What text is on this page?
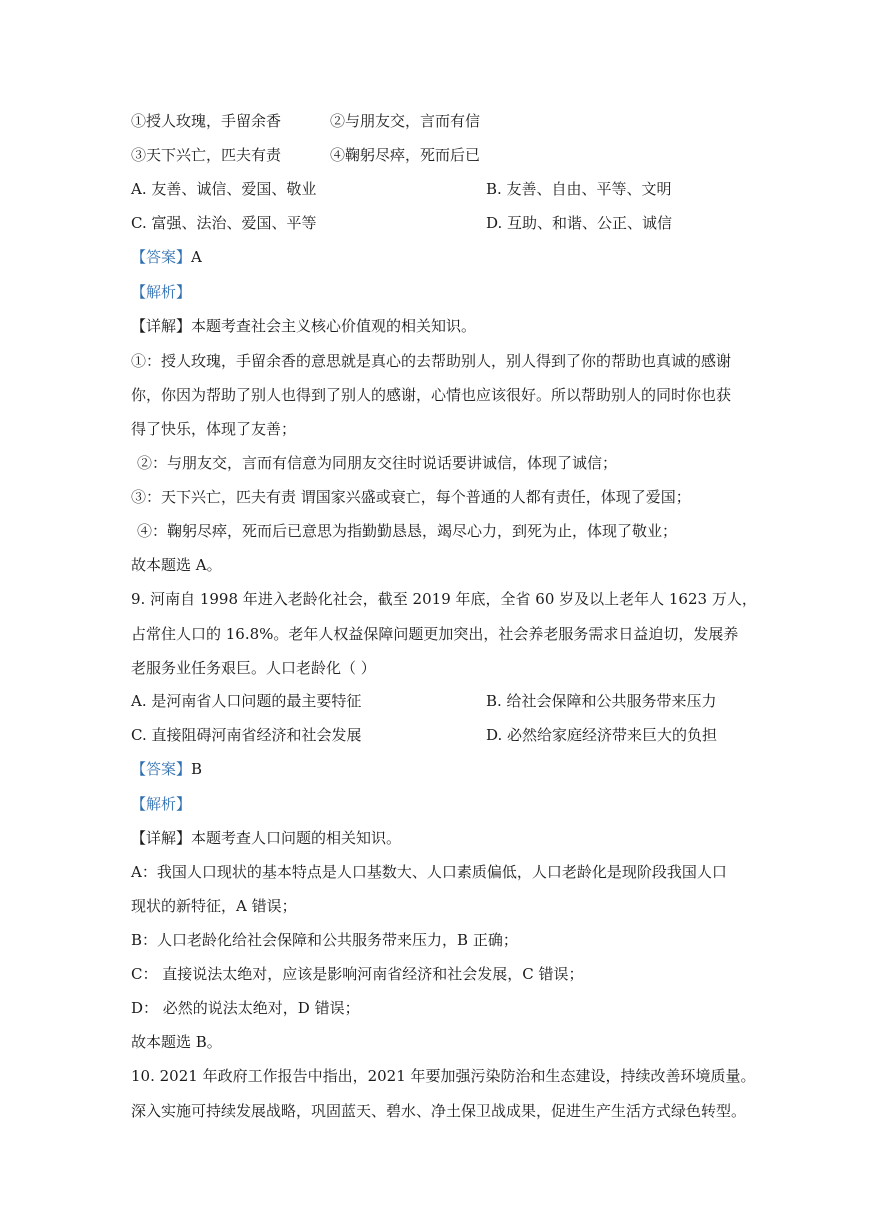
①授人玫瑰，手留余香	②与朋友交，言而有信
③天下兴亡，匹夫有责	④鞠躬尽瘁，死而后已
A. 友善、诚信、爱国、敬业	B. 友善、自由、平等、文明
C. 富强、法治、爱国、平等	D. 互助、和谐、公正、诚信
【答案】A
【解析】
【详解】本题考查社会主义核心价值观的相关知识。
①：授人玫瑰，手留余香的意思就是真心的去帮助别人，别人得到了你的帮助也真诚的感谢
你，你因为帮助了别人也得到了别人的感谢，心情也应该很好。所以帮助别人的同时你也获
得了快乐，体现了友善；
②：与朋友交，言而有信意为同朋友交往时说话要讲诚信，体现了诚信；
③：天下兴亡，匹夫有责 谓国家兴盛或衰亡，每个普通的人都有责任，体现了爱国；
④：鞠躬尽瘁，死而后已意思为指勤勤恳恳，竭尽心力，到死为止，体现了敬业；
故本题选 A。
9. 河南自 1998 年进入老龄化社会，截至 2019 年底，全省 60 岁及以上老年人 1623 万人，
占常住人口的 16.8%。老年人权益保障问题更加突出，社会养老服务需求日益迫切，发展养
老服务业任务艰巨。人口老龄化（ ）
A. 是河南省人口问题的最主要特征	B. 给社会保障和公共服务带来压力
C. 直接阻碍河南省经济和社会发展	D. 必然给家庭经济带来巨大的负担
【答案】B
【解析】
【详解】本题考查人口问题的相关知识。
A：我国人口现状的基本特点是人口基数大、人口素质偏低，人口老龄化是现阶段我国人口
现状的新特征，A 错误；
B：人口老龄化给社会保障和公共服务带来压力，B 正确；
C： 直接说法太绝对，应该是影响河南省经济和社会发展，C 错误；
D： 必然的说法太绝对，D 错误；
故本题选 B。
10. 2021 年政府工作报告中指出，2021 年要加强污染防治和生态建设，持续改善环境质量。
深入实施可持续发展战略，巩固蓝天、碧水、净土保卫战成果，促进生产生活方式绿色转型。
